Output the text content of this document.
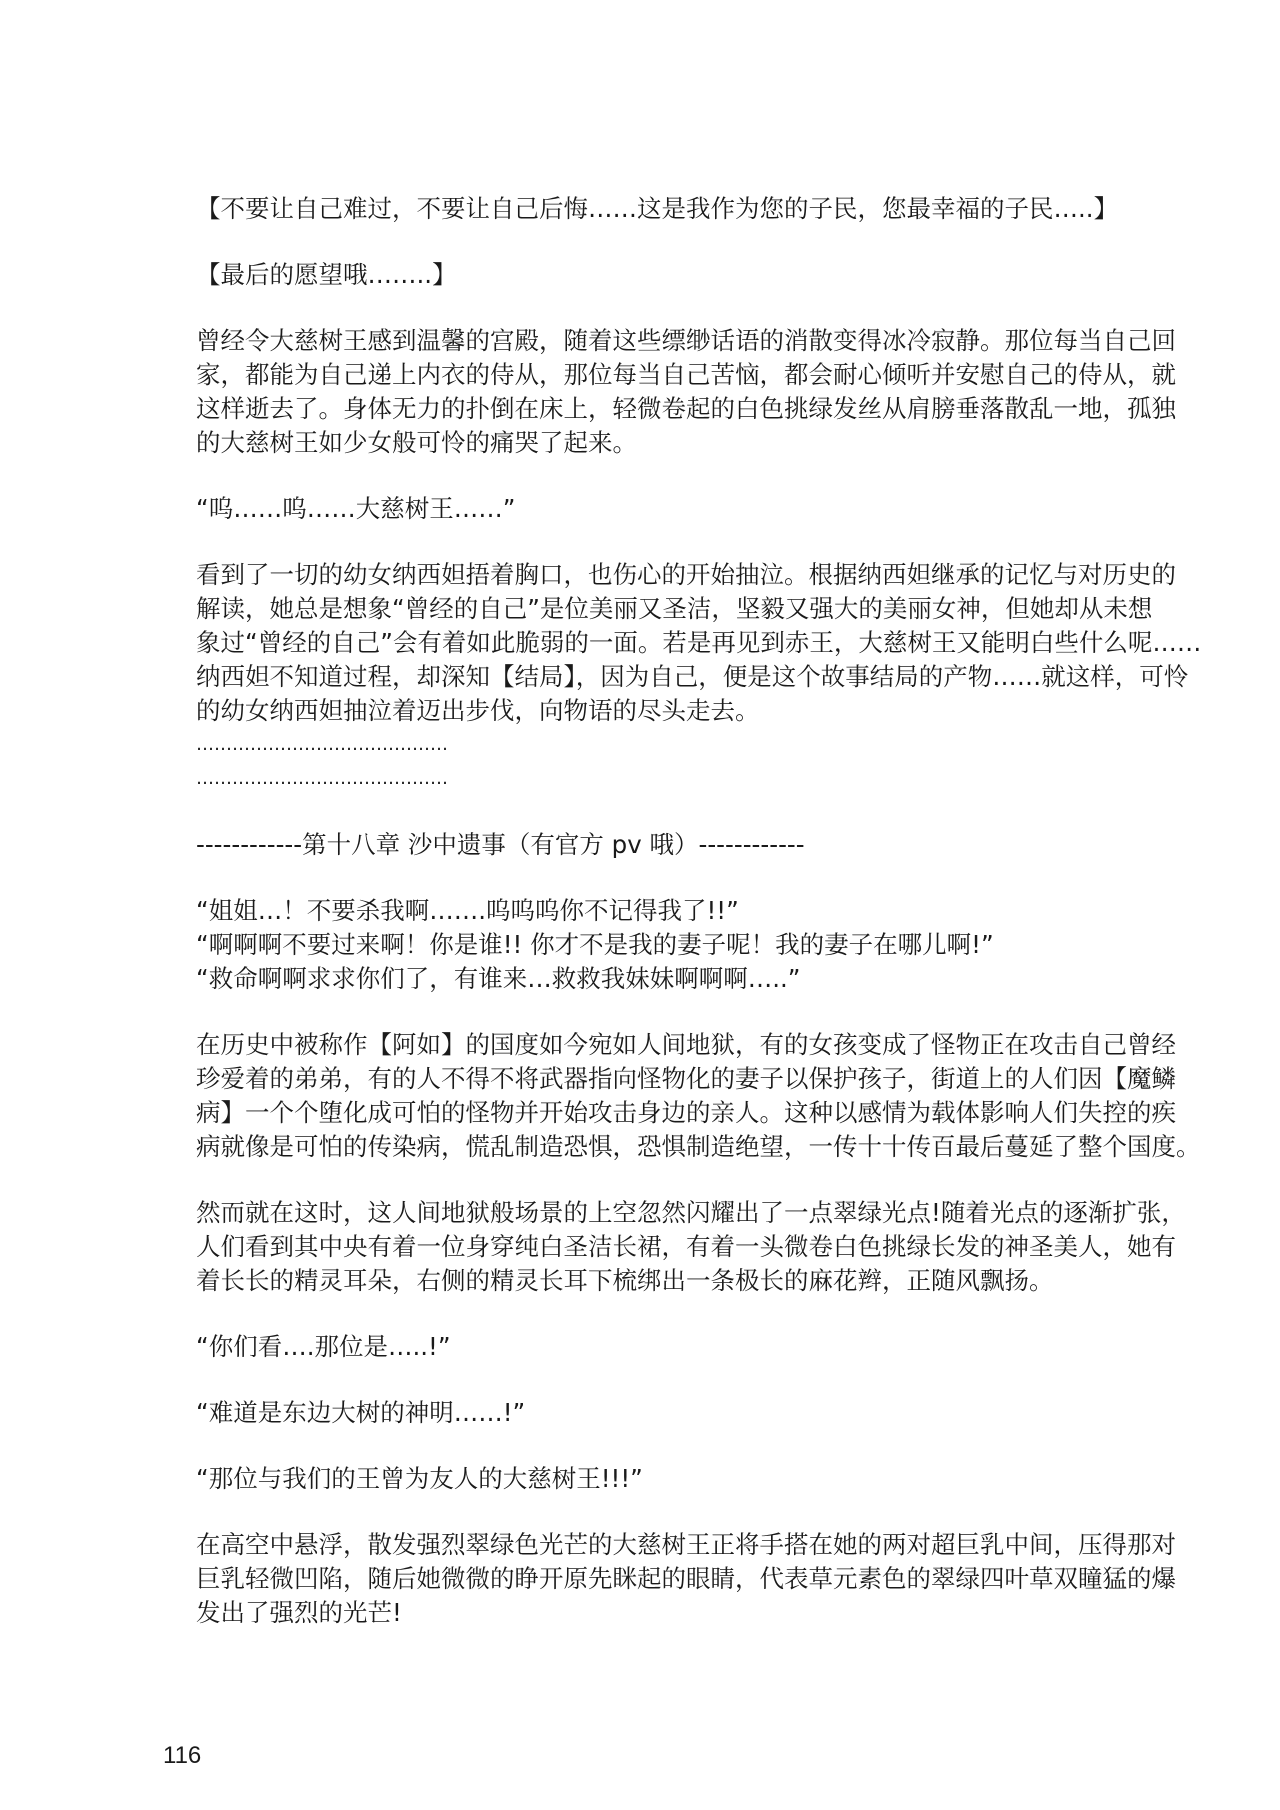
【不要让自己难过，不要让自己后悔……这是我作为您的子民，您最幸福的子民…..】
【最后的愿望哦……..】
曾经令大慈树王感到温馨的宫殿，随着这些缥缈话语的消散变得冰冷寂静。那位每当自己回
家，都能为自己递上内衣的侍从，那位每当自己苦恼，都会耐心倾听并安慰自己的侍从，就
这样逝去了。身体无力的扑倒在床上，轻微卷起的白色挑绿发丝从肩膀垂落散乱一地，孤独
的大慈树王如少女般可怜的痛哭了起来。
“呜……呜……大慈树王……”
看到了一切的幼女纳西妲捂着胸口，也伤心的开始抽泣。根据纳西妲继承的记忆与对历史的
解读，她总是想象“曾经的自己”是位美丽又圣洁，坚毅又强大的美丽女神，但她却从未想
象过“曾经的自己”会有着如此脆弱的一面。若是再见到赤王，大慈树王又能明白些什么呢……
纳西妲不知道过程，却深知【结局】，因为自己，便是这个故事结局的产物……就这样，可怜
的幼女纳西妲抽泣着迈出步伐，向物语的尽头走去。
……………………………………
……………………………………
------------第十八章 沙中遗事（有官方 pv 哦）------------
“姐姐…！不要杀我啊…….呜呜呜你不记得我了!!”
“啊啊啊不要过来啊！你是谁!! 你才不是我的妻子呢！我的妻子在哪儿啊!”
“救命啊啊求求你们了，有谁来…救救我妹妹啊啊啊…..”
在历史中被称作【阿如】的国度如今宛如人间地狱，有的女孩变成了怪物正在攻击自己曾经
珍爱着的弟弟，有的人不得不将武器指向怪物化的妻子以保护孩子，街道上的人们因【魔鳞
病】一个个堕化成可怕的怪物并开始攻击身边的亲人。这种以感情为载体影响人们失控的疾
病就像是可怕的传染病，慌乱制造恐惧，恐惧制造绝望，一传十十传百最后蔓延了整个国度。
然而就在这时，这人间地狱般场景的上空忽然闪耀出了一点翠绿光点!随着光点的逐渐扩张，
人们看到其中央有着一位身穿纯白圣洁长裙，有着一头微卷白色挑绿长发的神圣美人，她有
着长长的精灵耳朵，右侧的精灵长耳下梳绑出一条极长的麻花辫，正随风飘扬。
“你们看….那位是…..!”
“难道是东边大树的神明……!”
“那位与我们的王曾为友人的大慈树王!!!”
在高空中悬浮，散发强烈翠绿色光芒的大慈树王正将手搭在她的两对超巨乳中间，压得那对
巨乳轻微凹陷，随后她微微的睁开原先眯起的眼睛，代表草元素色的翠绿四叶草双瞳猛的爆
发出了强烈的光芒!
116
